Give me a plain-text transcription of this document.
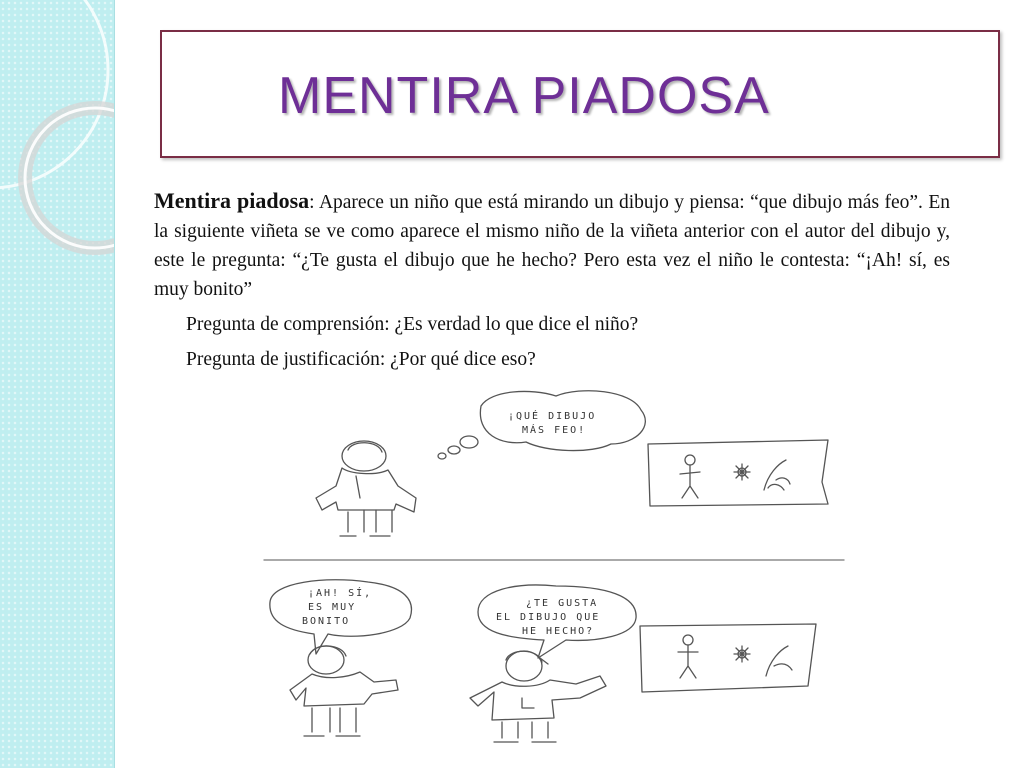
MENTIRA PIADOSA

Mentira piadosa: Aparece un niño que está mirando un dibujo y piensa: “que dibujo más feo”. En la siguiente viñeta se ve como aparece el mismo niño de la viñeta anterior con el autor del dibujo y, este le pregunta: “¿Te gusta el dibujo que he hecho? Pero esta vez el niño le contesta: “¡Ah! sí, es muy bonito”

Pregunta de comprensión: ¿Es verdad lo que dice el niño?

Pregunta de justificación: ¿Por qué dice eso?

¡QUÉ DIBUJO
MÁS FEO!
¡AH! SÍ,
ES MUY
BONITO
¿TE GUSTA
EL DIBUJO QUE
HE HECHO?
